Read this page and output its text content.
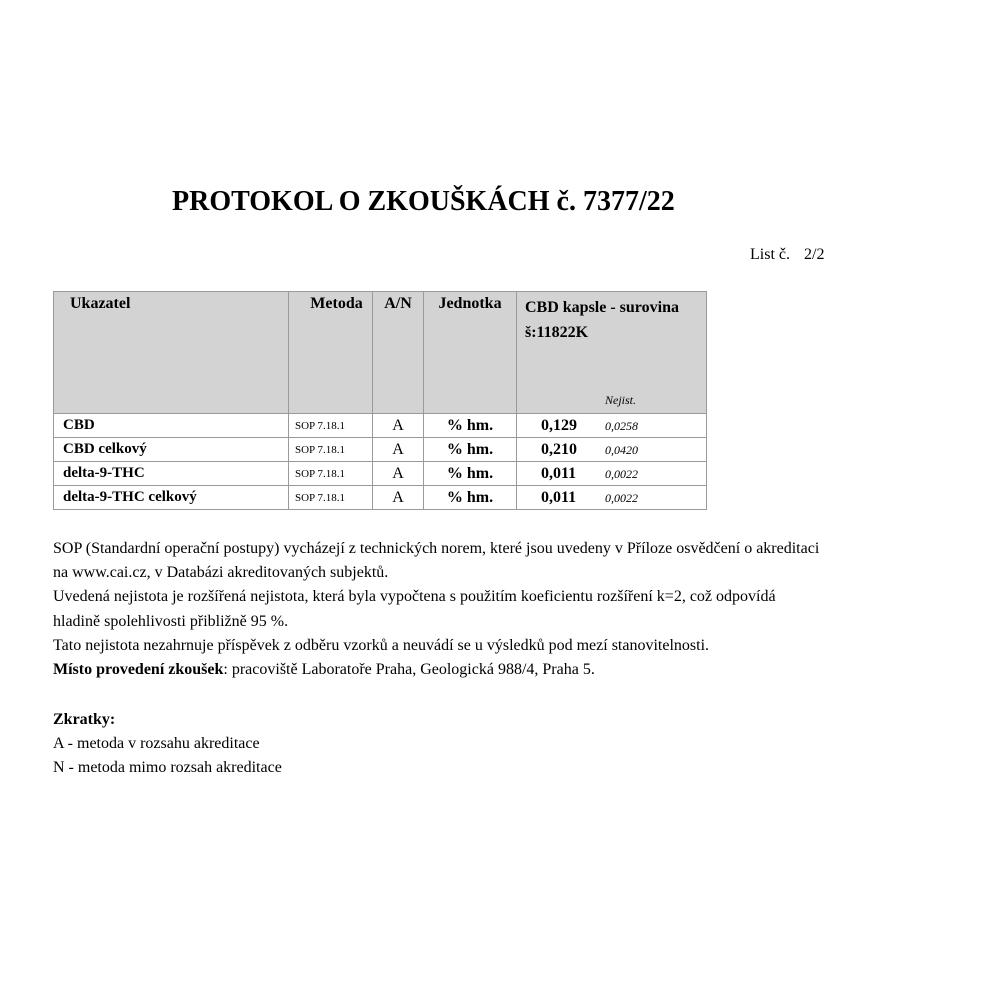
PROTOKOL O ZKOUŠKÁCH č. 7377/22
List č. 2/2
Ukazatel	Metoda	A/N	Jednotka	CBD kapsle - surovina
š:11822K
Nejist.

CBD	SOP 7.18.1	A	% hm.	0,129 0,0258
CBD celkový	SOP 7.18.1	A	% hm.	0,210 0,0420
delta-9-THC	SOP 7.18.1	A	% hm.	0,011 0,0022
delta-9-THC celkový	SOP 7.18.1	A	% hm.	0,011 0,0022

SOP (Standardní operační postupy) vycházejí z technických norem, které jsou uvedeny v Příloze osvědčení o akreditaci

na www.cai.cz, v Databázi akreditovaných subjektů.

Uvedená nejistota je rozšířená nejistota, která byla vypočtena s použitím koeficientu rozšíření k=2, což odpovídá

hladině spolehlivosti přibližně 95 %.

Tato nejistota nezahrnuje příspěvek z odběru vzorků a neuvádí se u výsledků pod mezí stanovitelnosti.

Místo provedení zkoušek: pracoviště Laboratoře Praha, Geologická 988/4, Praha 5.

Zkratky:

A - metoda v rozsahu akreditace

N - metoda mimo rozsah akreditace
